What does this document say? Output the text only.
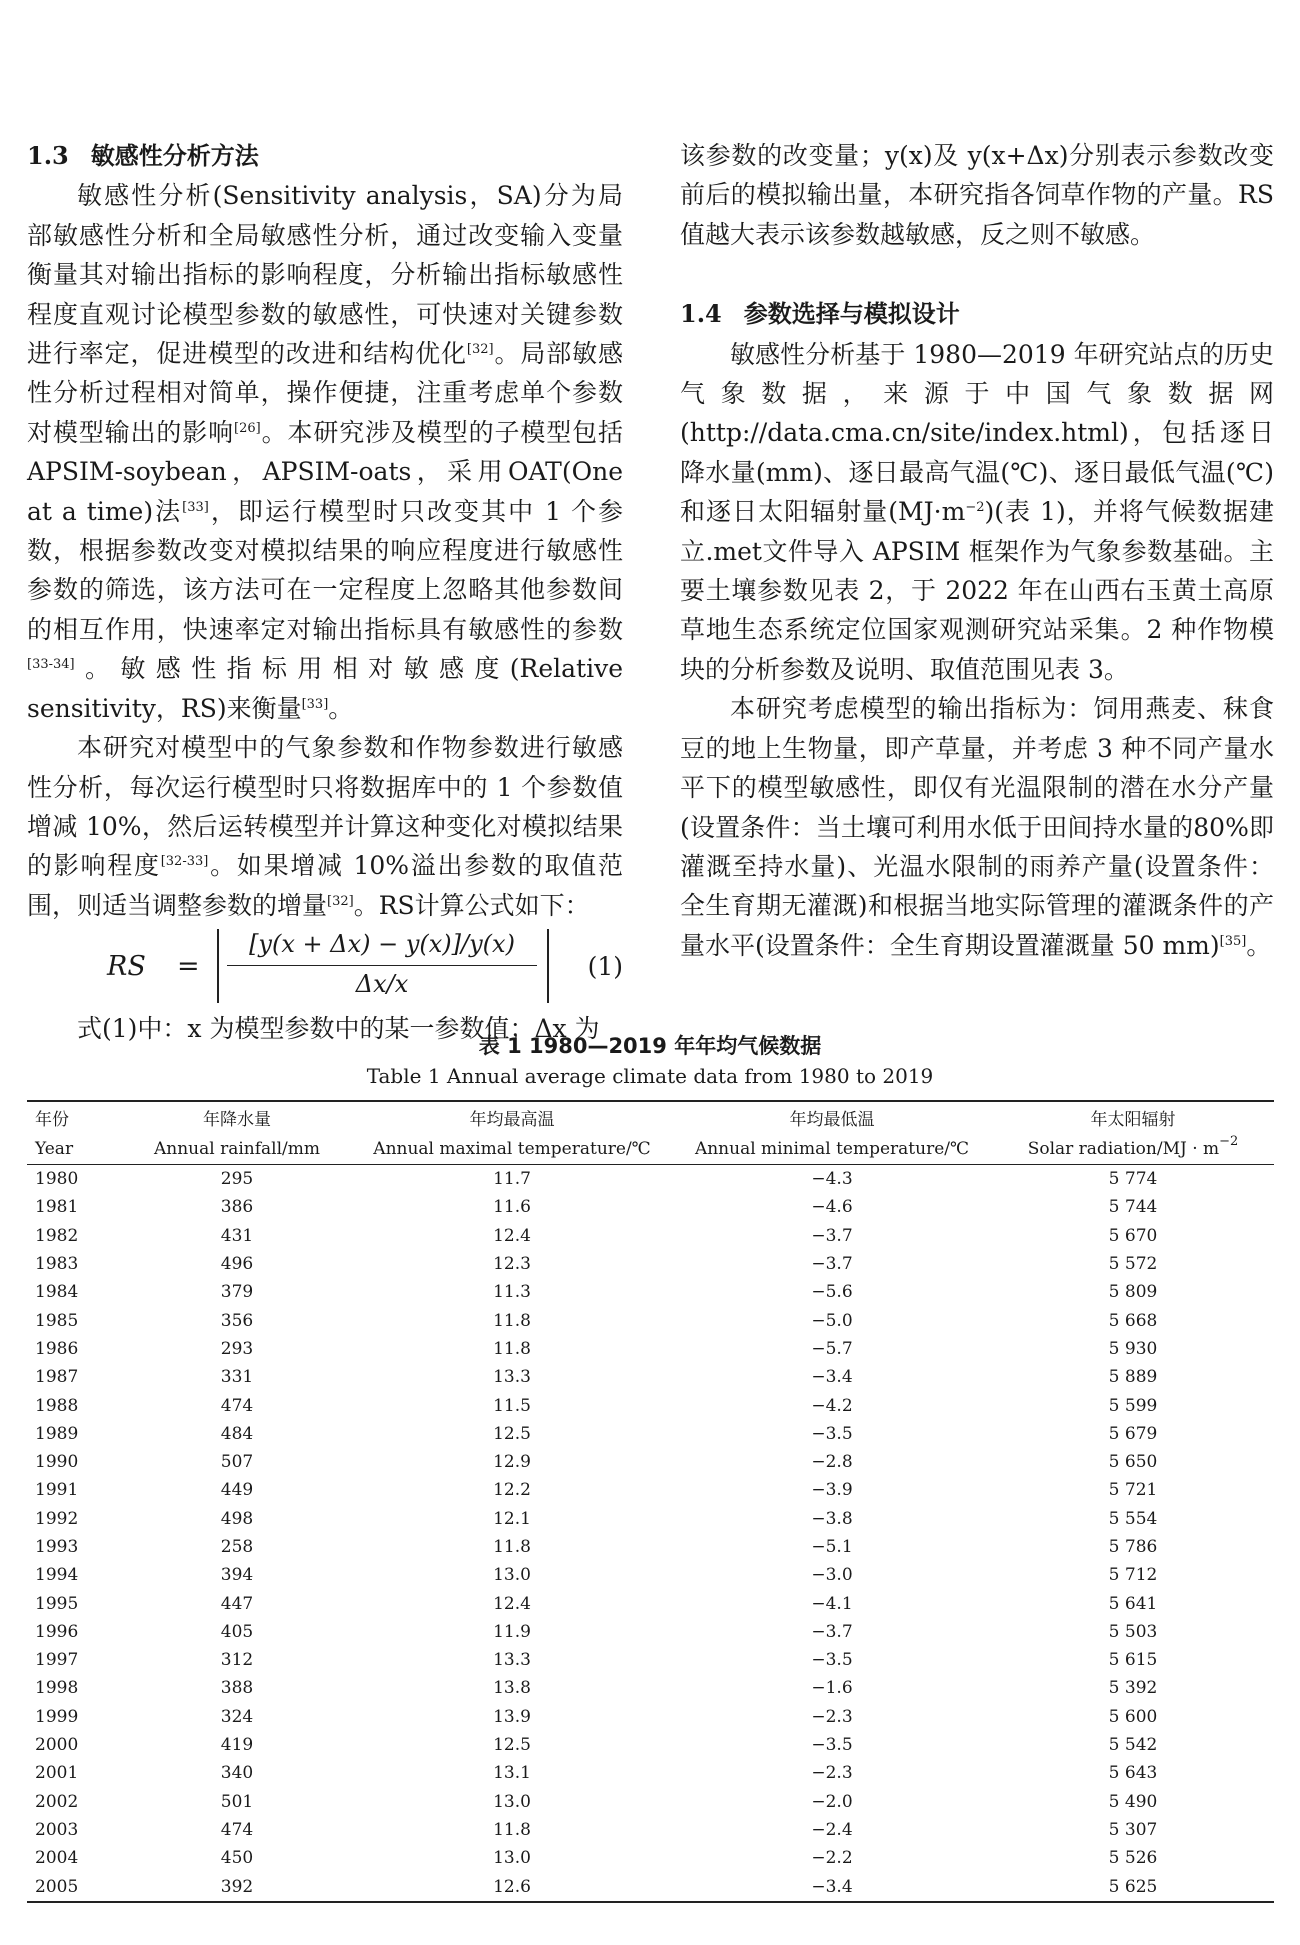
1.3 敏感性分析方法

敏感性分析(Sensitivity analysis，SA)分为局部敏感性分析和全局敏感性分析，通过改变输入变量衡量其对输出指标的影响程度，分析输出指标敏感性程度直观讨论模型参数的敏感性，可快速对关键参数进行率定，促进模型的改进和结构优化[32]。局部敏感性分析过程相对简单，操作便捷，注重考虑单个参数对模型输出的影响[26]。本研究涉及模型的子模型包括 APSIM-soybean，APSIM-oats，采用OAT(One at a time)法[33]，即运行模型时只改变其中 1 个参数，根据参数改变对模拟结果的响应程度进行敏感性参数的筛选，该方法可在一定程度上忽略其他参数间的相互作用，快速率定对输出指标具有敏感性的参数[33-34]。敏感性指标用相对敏感度(Relative sensitivity，RS)来衡量[33]。

本研究对模型中的气象参数和作物参数进行敏感性分析，每次运行模型时只将数据库中的 1 个参数值增减 10%，然后运转模型并计算这种变化对模拟结果的影响程度[32-33]。如果增减 10%溢出参数的取值范围，则适当调整参数的增量[32]。RS计算公式如下：

RS =
[y(x + Δx) − y(x)]/y(x)
Δx/x
(1)

式(1)中：x 为模型参数中的某一参数值；Δx 为

该参数的改变量；y(x)及 y(x+Δx)分别表示参数改变前后的模拟输出量，本研究指各饲草作物的产量。RS 值越大表示该参数越敏感，反之则不敏感。

1.4 参数选择与模拟设计

敏感性分析基于 1980—2019 年研究站点的历史气象数据，来源于中国气象数据网(http://data.cma.cn/site/index.html)，包括逐日降水量(mm)、逐日最高气温(℃)、逐日最低气温(℃)和逐日太阳辐射量$(MJ\cdot m^{-2})$(表 1)，并将气候数据建立.met文件导入 APSIM 框架作为气象参数基础。主要土壤参数见表 2，于 2022 年在山西右玉黄土高原草地生态系统定位国家观测研究站采集。2 种作物模块的分析参数及说明、取值范围见表 3。

本研究考虑模型的输出指标为：饲用燕麦、秣食豆的地上生物量，即产草量，并考虑 3 种不同产量水平下的模型敏感性，即仅有光温限制的潜在水分产量(设置条件：当土壤可利用水低于田间持水量的80%即灌溉至持水量)、光温水限制的雨养产量(设置条件：全生育期无灌溉)和根据当地实际管理的灌溉条件的产量水平(设置条件：全生育期设置灌溉量 50 mm)[35]。

表 1 1980—2019 年年均气候数据

Table 1 Annual average climate data from 1980 to 2019

年份	年降水量	年均最高温	年均最低温	年太阳辐射
Year	Annual rainfall/mm	Annual maximal temperature/℃	Annual minimal temperature/℃	Solar radiation/MJ · $m^{-2}$
1980	295	11.7	−4.3	5 774
1981	386	11.6	−4.6	5 744
1982	431	12.4	−3.7	5 670
1983	496	12.3	−3.7	5 572
1984	379	11.3	−5.6	5 809
1985	356	11.8	−5.0	5 668
1986	293	11.8	−5.7	5 930
1987	331	13.3	−3.4	5 889
1988	474	11.5	−4.2	5 599
1989	484	12.5	−3.5	5 679
1990	507	12.9	−2.8	5 650
1991	449	12.2	−3.9	5 721
1992	498	12.1	−3.8	5 554
1993	258	11.8	−5.1	5 786
1994	394	13.0	−3.0	5 712
1995	447	12.4	−4.1	5 641
1996	405	11.9	−3.7	5 503
1997	312	13.3	−3.5	5 615
1998	388	13.8	−1.6	5 392
1999	324	13.9	−2.3	5 600
2000	419	12.5	−3.5	5 542
2001	340	13.1	−2.3	5 643
2002	501	13.0	−2.0	5 490
2003	474	11.8	−2.4	5 307
2004	450	13.0	−2.2	5 526
2005	392	12.6	−3.4	5 625
